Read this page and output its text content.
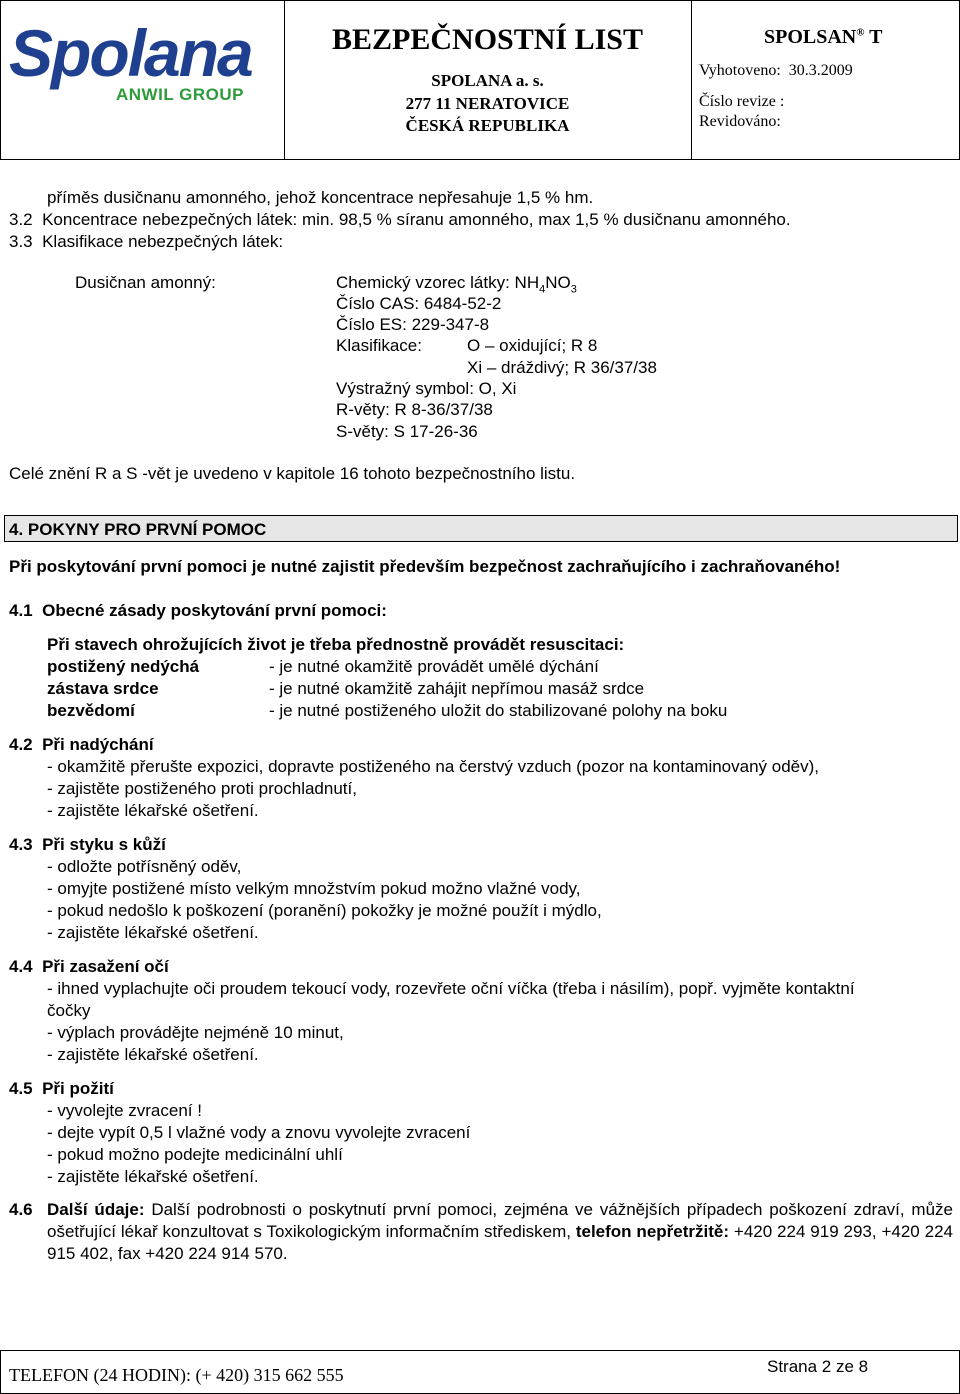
Spolana
ANWIL GROUP
BEZPEČNOSTNÍ LIST
SPOLANA a. s.
277 11 NERATOVICE
ČESKÁ REPUBLIKA
SPOLSAN® T
Vyhotoveno: 30.3.2009
Číslo revize :
Revidováno:
příměs dusičnanu amonného, jehož koncentrace nepřesahuje 1,5 % hm.
3.2 Koncentrace nebezpečných látek: min. 98,5 % síranu amonného, max 1,5 % dusičnanu amonného.
3.3 Klasifikace nebezpečných látek:
Dusičnan amonný:	Chemický vzorec látky: $NH_4NO_3$
Číslo CAS: 6484-52-2
Číslo ES: 229-347-8
Klasifikace:	O – oxidující; R 8
Xi – dráždivý; R 36/37/38
Výstražný symbol: O, Xi
R-věty: R 8-36/37/38
S-věty: S 17-26-36
Celé znění R a S -vět je uvedeno v kapitole 16 tohoto bezpečnostního listu.
4. POKYNY PRO PRVNÍ POMOC
Při poskytování první pomoci je nutné zajistit především bezpečnost zachraňujícího i zachraňovaného!
4.1 Obecné zásady poskytování první pomoci:
Při stavech ohrožujících život je třeba přednostně provádět resuscitaci:
postižený nedýchá	- je nutné okamžitě provádět umělé dýchání
zástava srdce	- je nutné okamžitě zahájit nepřímou masáž srdce
bezvědomí	- je nutné postiženého uložit do stabilizované polohy na boku
4.2 Při nadýchání
- okamžitě přerušte expozici, dopravte postiženého na čerstvý vzduch (pozor na kontaminovaný oděv),
- zajistěte postiženého proti prochladnutí,
- zajistěte lékařské ošetření.
4.3 Při styku s kůží
- odložte potřísněný oděv,
- omyjte postižené místo velkým množstvím pokud možno vlažné vody,
- pokud nedošlo k poškození (poranění) pokožky je možné použít i mýdlo,
- zajistěte lékařské ošetření.
4.4 Při zasažení očí
- ihned vyplachujte oči proudem tekoucí vody, rozevřete oční víčka (třeba i násilím), popř. vyjměte kontaktní
čočky
- výplach provádějte nejméně 10 minut,
- zajistěte lékařské ošetření.
4.5 Při požití
- vyvolejte zvracení !
- dejte vypít 0,5 l vlažné vody a znovu vyvolejte zvracení
- pokud možno podejte medicinální uhlí
- zajistěte lékařské ošetření.
4.6 Další údaje: Další podrobnosti o poskytnutí první pomoci, zejména ve vážnějších případech poškození zdraví, může ošetřující lékař konzultovat s Toxikologickým informačním střediskem, telefon nepřetržitě: +420 224 919 293, +420 224 915 402, fax +420 224 914 570.
TELEFON (24 HODIN): (+ 420) 315 662 555	Strana 2 ze 8
